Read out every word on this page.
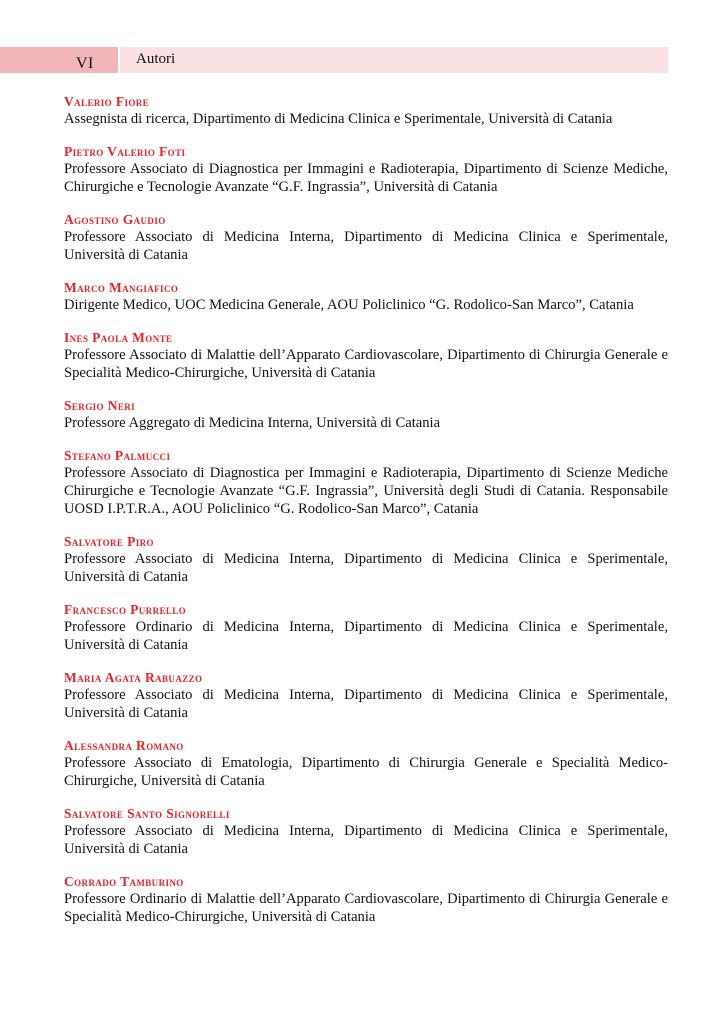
VI	Autori
Valerio Fiore

Assegnista di ricerca, Dipartimento di Medicina Clinica e Sperimentale, Università di Catania

Pietro Valerio Foti

Professore Associato di Diagnostica per Immagini e Radioterapia, Dipartimento di Scienze Mediche, Chirurgiche e Tecnologie Avanzate “G.F. Ingrassia”, Università di Catania

Agostino Gaudio

Professore Associato di Medicina Interna, Dipartimento di Medicina Clinica e Sperimentale, Università di Catania

Marco Mangiafico

Dirigente Medico, UOC Medicina Generale, AOU Policlinico “G. Rodolico-San Marco”, Catania

Ines Paola Monte

Professore Associato di Malattie dell’Apparato Cardiovascolare, Dipartimento di Chirurgia Generale e Specialità Medico-Chirurgiche, Università di Catania

Sergio Neri

Professore Aggregato di Medicina Interna, Università di Catania

Stefano Palmucci

Professore Associato di Diagnostica per Immagini e Radioterapia, Dipartimento di Scienze Mediche Chirurgiche e Tecnologie Avanzate “G.F. Ingrassia”, Università degli Studi di Catania. Responsabile UOSD I.P.T.R.A., AOU Policlinico “G. Rodolico-San Marco”, Catania

Salvatore Piro

Professore Associato di Medicina Interna, Dipartimento di Medicina Clinica e Sperimentale, Università di Catania

Francesco Purrello

Professore Ordinario di Medicina Interna, Dipartimento di Medicina Clinica e Sperimentale, Università di Catania

Maria Agata Rabuazzo

Professore Associato di Medicina Interna, Dipartimento di Medicina Clinica e Sperimentale, Università di Catania

Alessandra Romano

Professore Associato di Ematologia, Dipartimento di Chirurgia Generale e Specialità Medico-Chirurgiche, Università di Catania

Salvatore Santo Signorelli

Professore Associato di Medicina Interna, Dipartimento di Medicina Clinica e Sperimentale, Università di Catania

Corrado Tamburino

Professore Ordinario di Malattie dell’Apparato Cardiovascolare, Dipartimento di Chirurgia Generale e Specialità Medico-Chirurgiche, Università di Catania
